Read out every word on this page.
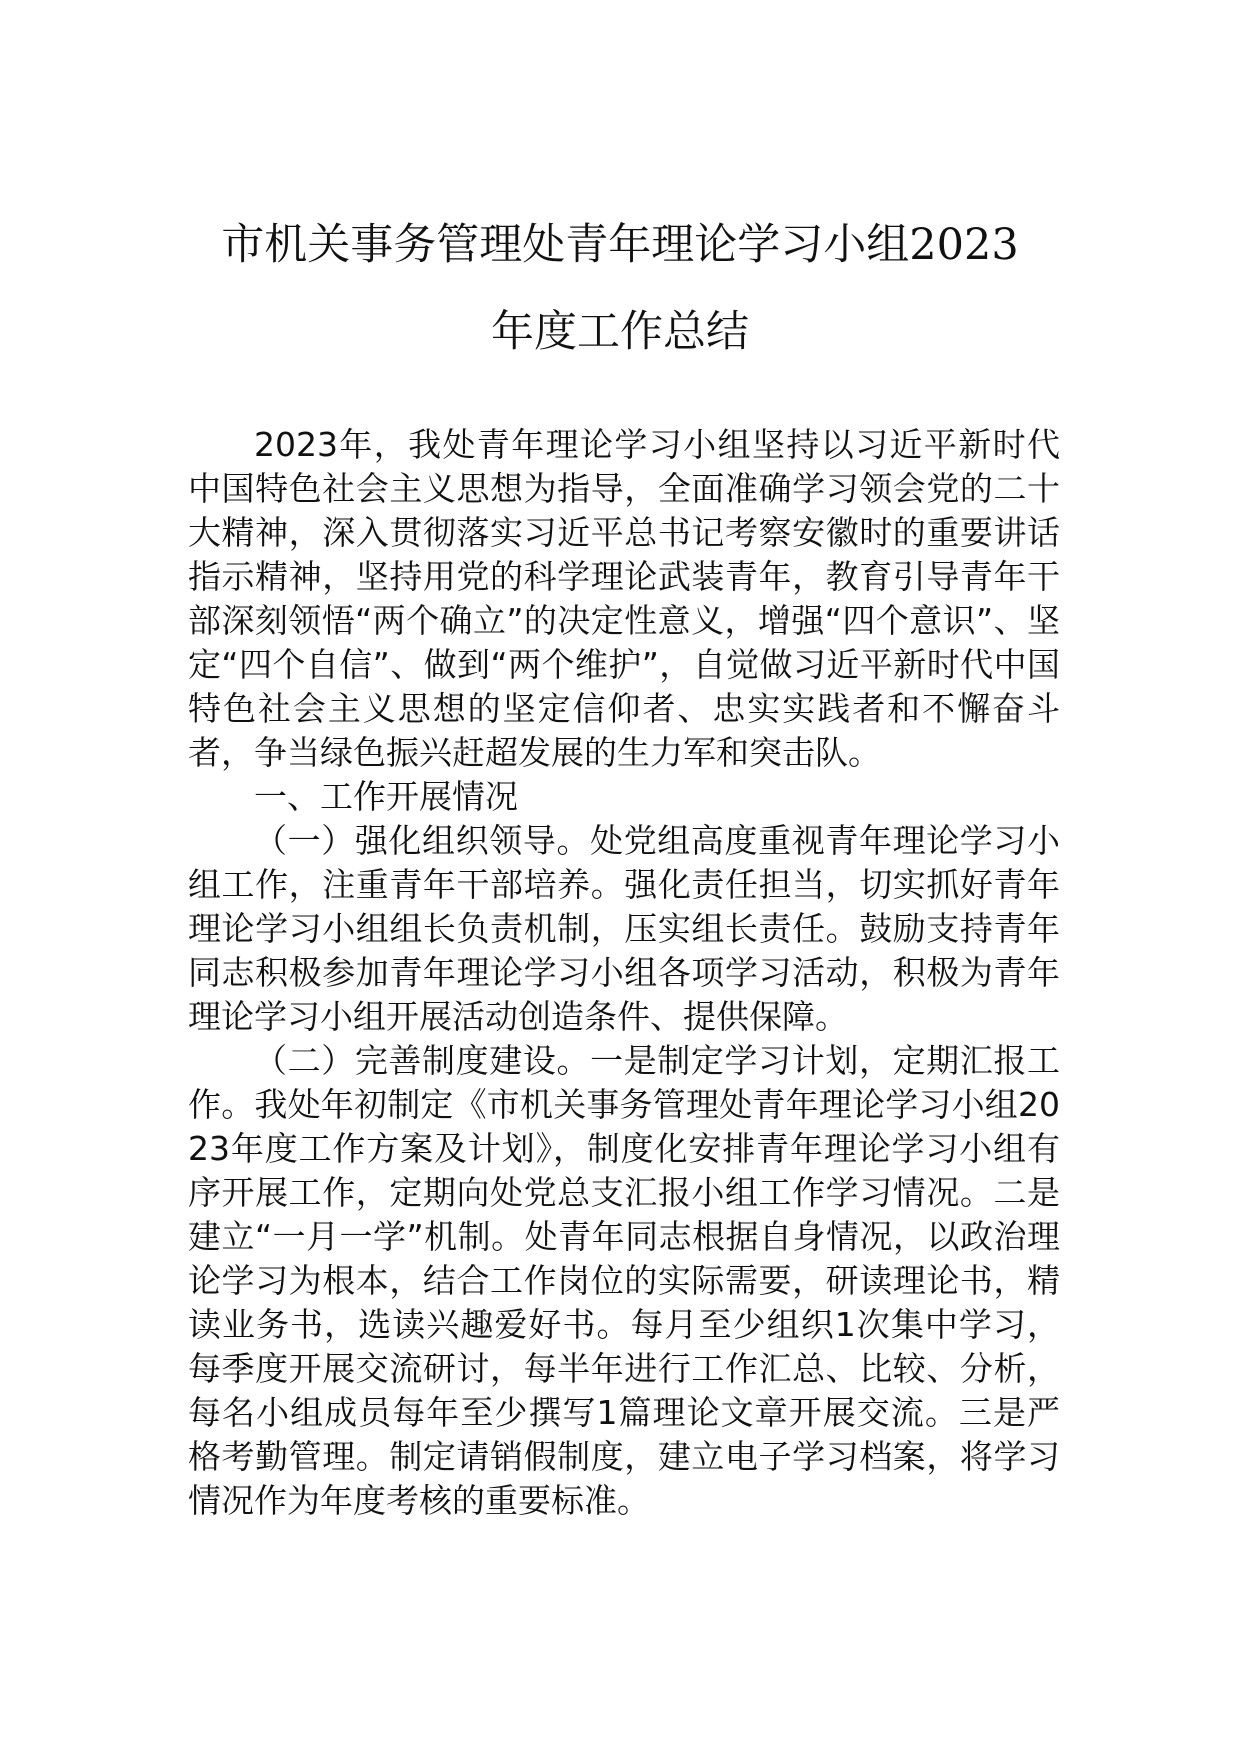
市机关事务管理处青年理论学习小组2023
年度工作总结

2023年，我处青年理论学习小组坚持以习近平新时代中国特色社会主义思想为指导，全面准确学习领会党的二十大精神，深入贯彻落实习近平总书记考察安徽时的重要讲话指示精神，坚持用党的科学理论武装青年，教育引导青年干部深刻领悟“两个确立”的决定性意义，增强“四个意识”、坚定“四个自信”、做到“两个维护”，自觉做习近平新时代中国特色社会主义思想的坚定信仰者、忠实实践者和不懈奋斗者，争当绿色振兴赶超发展的生力军和突击队。

一、工作开展情况

（一）强化组织领导。处党组高度重视青年理论学习小组工作，注重青年干部培养。强化责任担当，切实抓好青年理论学习小组组长负责机制，压实组长责任。鼓励支持青年同志积极参加青年理论学习小组各项学习活动，积极为青年理论学习小组开展活动创造条件、提供保障。

（二）完善制度建设。一是制定学习计划，定期汇报工作。我处年初制定《市机关事务管理处青年理论学习小组2023年度工作方案及计划》，制度化安排青年理论学习小组有序开展工作，定期向处党总支汇报小组工作学习情况。二是建立“一月一学”机制。处青年同志根据自身情况，以政治理论学习为根本，结合工作岗位的实际需要，研读理论书，精读业务书，选读兴趣爱好书。每月至少组织1次集中学习，每季度开展交流研讨，每半年进行工作汇总、比较、分析，每名小组成员每年至少撰写1篇理论文章开展交流。三是严格考勤管理。制定请销假制度，建立电子学习档案，将学习情况作为年度考核的重要标准。
